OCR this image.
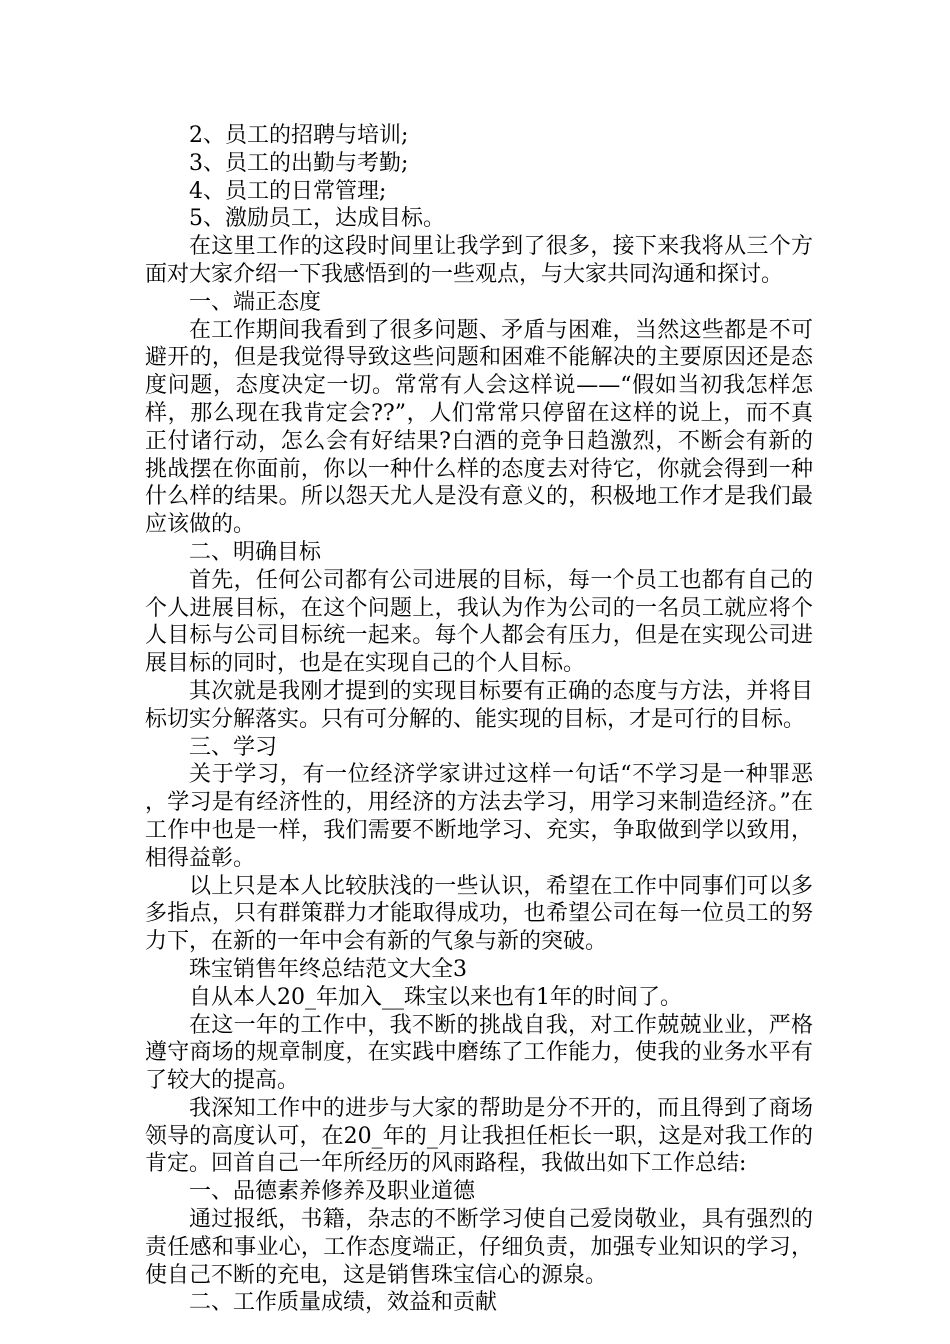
2、员工的招聘与培训;

3、员工的出勤与考勤;

4、员工的日常管理;

5、激励员工，达成目标。

在这里工作的这段时间里让我学到了很多，接下来我将从三个方面对大家介绍一下我感悟到的一些观点，与大家共同沟通和探讨。

一、端正态度

在工作期间我看到了很多问题、矛盾与困难，当然这些都是不可避开的，但是我觉得导致这些问题和困难不能解决的主要原因还是态度问题，态度决定一切。常常有人会这样说——“假如当初我怎样怎样，那么现在我肯定会??”，人们常常只停留在这样的说上，而不真正付诸行动，怎么会有好结果?白酒的竞争日趋激烈，不断会有新的挑战摆在你面前，你以一种什么样的态度去对待它，你就会得到一种什么样的结果。所以怨天尤人是没有意义的，积极地工作才是我们最应该做的。

二、明确目标

首先，任何公司都有公司进展的目标，每一个员工也都有自己的个人进展目标，在这个问题上，我认为作为公司的一名员工就应将个人目标与公司目标统一起来。每个人都会有压力，但是在实现公司进展目标的同时，也是在实现自己的个人目标。

其次就是我刚才提到的实现目标要有正确的态度与方法，并将目标切实分解落实。只有可分解的、能实现的目标，才是可行的目标。

三、学习

关于学习，有一位经济学家讲过这样一句话“不学习是一种罪恶，学习是有经济性的，用经济的方法去学习，用学习来制造经济。”在工作中也是一样，我们需要不断地学习、充实，争取做到学以致用，相得益彰。

以上只是本人比较肤浅的一些认识，希望在工作中同事们可以多多指点，只有群策群力才能取得成功，也希望公司在每一位员工的努力下，在新的一年中会有新的气象与新的突破。

珠宝销售年终总结范文大全3

自从本人20_年加入__珠宝以来也有1年的时间了。

在这一年的工作中，我不断的挑战自我，对工作兢兢业业，严格遵守商场的规章制度，在实践中磨练了工作能力，使我的业务水平有了较大的提高。

我深知工作中的进步与大家的帮助是分不开的，而且得到了商场领导的高度认可，在20_年的_月让我担任柜长一职，这是对我工作的肯定。回首自己一年所经历的风雨路程，我做出如下工作总结:

一、品德素养修养及职业道德

通过报纸，书籍，杂志的不断学习使自己爱岗敬业，具有强烈的责任感和事业心，工作态度端正，仔细负责，加强专业知识的学习，使自己不断的充电，这是销售珠宝信心的源泉。

二、工作质量成绩，效益和贡献
